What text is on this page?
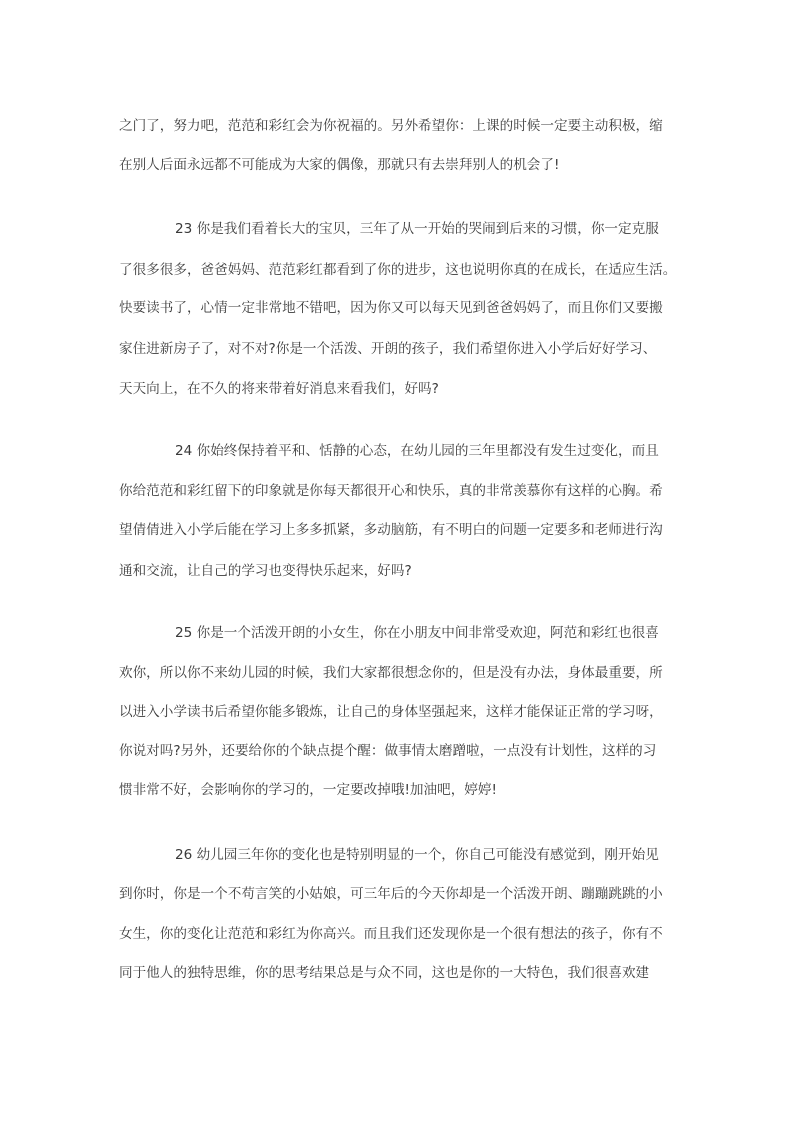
之门了，努力吧，范范和彩红会为你祝福的。另外希望你：上课的时候一定要主动积极，缩
在别人后面永远都不可能成为大家的偶像，那就只有去崇拜别人的机会了!
23 你是我们看着长大的宝贝，三年了从一开始的哭闹到后来的习惯，你一定克服
了很多很多，爸爸妈妈、范范彩红都看到了你的进步，这也说明你真的在成长，在适应生活。
快要读书了，心情一定非常地不错吧，因为你又可以每天见到爸爸妈妈了，而且你们又要搬
家住进新房子了，对不对?你是一个活泼、开朗的孩子，我们希望你进入小学后好好学习、
天天向上，在不久的将来带着好消息来看我们，好吗?
24 你始终保持着平和、恬静的心态，在幼儿园的三年里都没有发生过变化，而且
你给范范和彩红留下的印象就是你每天都很开心和快乐，真的非常羡慕你有这样的心胸。希
望倩倩进入小学后能在学习上多多抓紧，多动脑筋，有不明白的问题一定要多和老师进行沟
通和交流，让自己的学习也变得快乐起来，好吗?
25 你是一个活泼开朗的小女生，你在小朋友中间非常受欢迎，阿范和彩红也很喜
欢你，所以你不来幼儿园的时候，我们大家都很想念你的，但是没有办法，身体最重要，所
以进入小学读书后希望你能多锻炼，让自己的身体坚强起来，这样才能保证正常的学习呀，
你说对吗?另外，还要给你的个缺点提个醒：做事情太磨蹭啦，一点没有计划性，这样的习
惯非常不好，会影响你的学习的，一定要改掉哦!加油吧，婷婷!
26 幼儿园三年你的变化也是特别明显的一个，你自己可能没有感觉到，刚开始见
到你时，你是一个不苟言笑的小姑娘，可三年后的今天你却是一个活泼开朗、蹦蹦跳跳的小
女生，你的变化让范范和彩红为你高兴。而且我们还发现你是一个很有想法的孩子，你有不
同于他人的独特思维，你的思考结果总是与众不同，这也是你的一大特色，我们很喜欢建
